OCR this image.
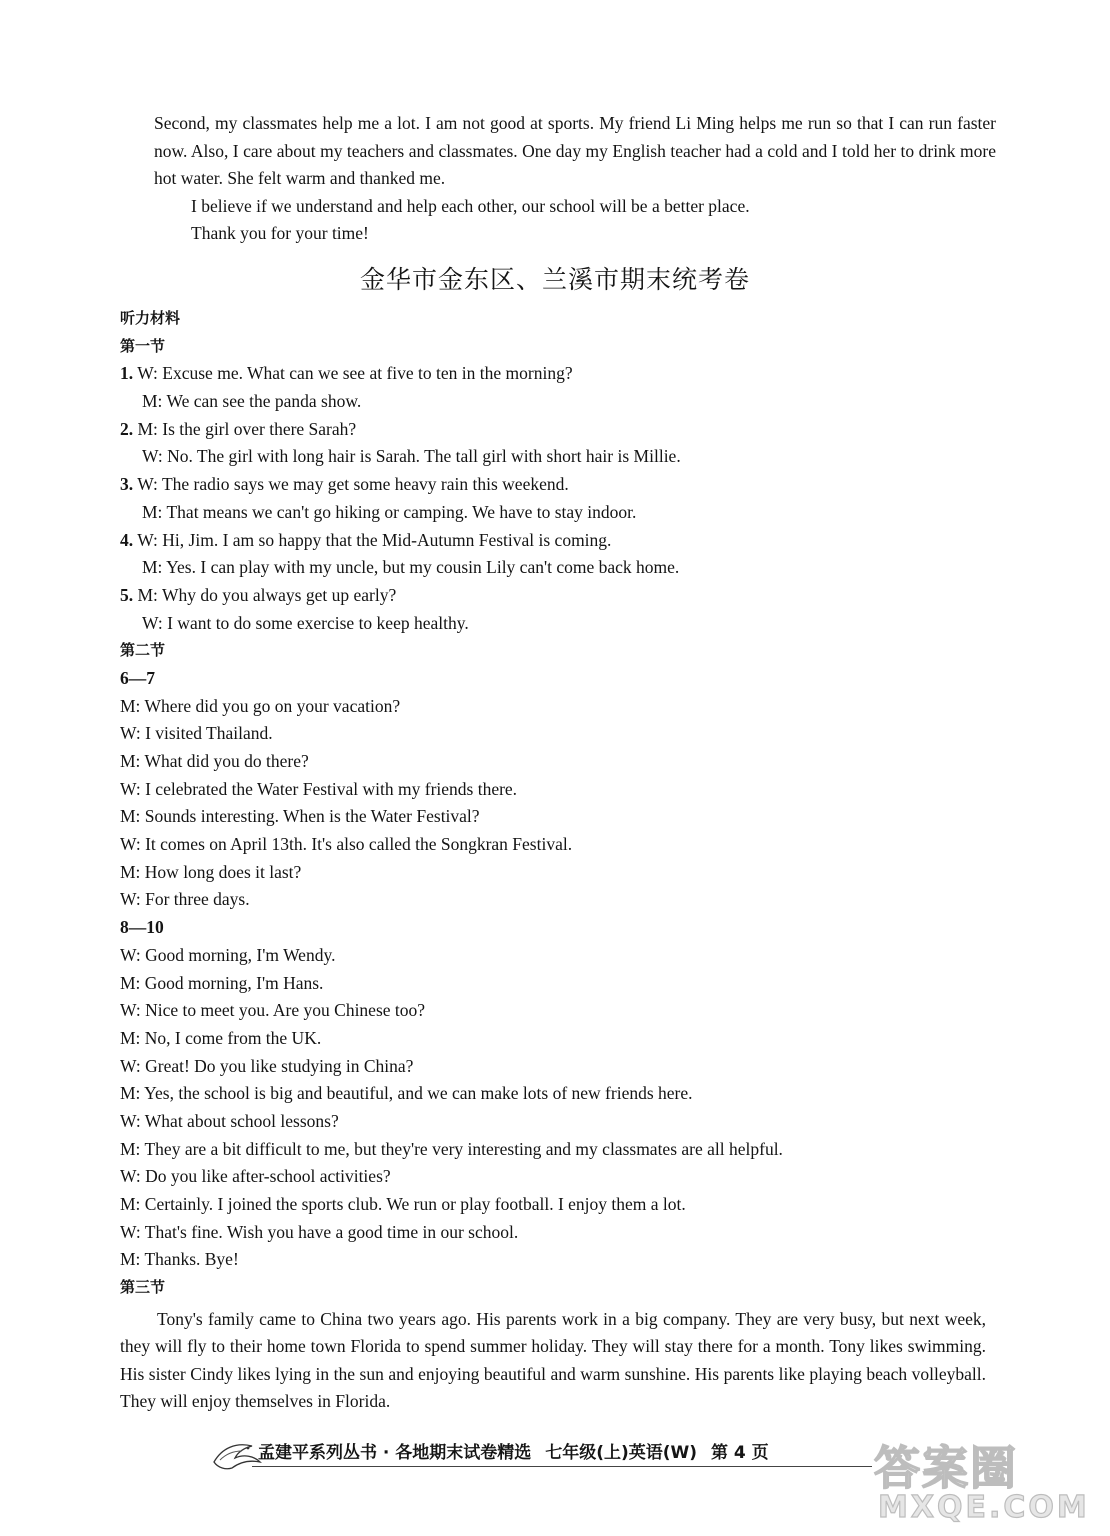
Second, my classmates help me a lot. I am not good at sports. My friend Li Ming helps me run so that I can run faster now. Also, I care about my teachers and classmates. One day my English teacher had a cold and I told her to drink more hot water. She felt warm and thanked me.

I believe if we understand and help each other, our school will be a better place.

Thank you for your time!

金华市金东区、兰溪市期末统考卷
听力材料
第一节
1. W: Excuse me. What can we see at five to ten in the morning?
M: We can see the panda show.
2. M: Is the girl over there Sarah?
W: No. The girl with long hair is Sarah. The tall girl with short hair is Millie.
3. W: The radio says we may get some heavy rain this weekend.
M: That means we can't go hiking or camping. We have to stay indoor.
4. W: Hi, Jim. I am so happy that the Mid-Autumn Festival is coming.
M: Yes. I can play with my uncle, but my cousin Lily can't come back home.
5. M: Why do you always get up early?
W: I want to do some exercise to keep healthy.
第二节
6—7
M: Where did you go on your vacation?
W: I visited Thailand.
M: What did you do there?
W: I celebrated the Water Festival with my friends there.
M: Sounds interesting. When is the Water Festival?
W: It comes on April 13th. It's also called the Songkran Festival.
M: How long does it last?
W: For three days.
8—10
W: Good morning, I'm Wendy.
M: Good morning, I'm Hans.
W: Nice to meet you. Are you Chinese too?
M: No, I come from the UK.
W: Great! Do you like studying in China?
M: Yes, the school is big and beautiful, and we can make lots of new friends here.
W: What about school lessons?
M: They are a bit difficult to me, but they're very interesting and my classmates are all helpful.
W: Do you like after-school activities?
M: Certainly. I joined the sports club. We run or play football. I enjoy them a lot.
W: That's fine. Wish you have a good time in our school.
M: Thanks. Bye!
第三节
Tony's family came to China two years ago. His parents work in a big company. They are very busy, but next week, they will fly to their home town Florida to spend summer holiday. They will stay there for a month. Tony likes swimming. His sister Cindy likes lying in the sun and enjoying beautiful and warm sunshine. His parents like playing beach volleyball. They will enjoy themselves in Florida.
孟建平系列丛书 · 各地期末试卷精选 七年级(上)英语(W) 第 4 页 答案圈
MXQE.COM
